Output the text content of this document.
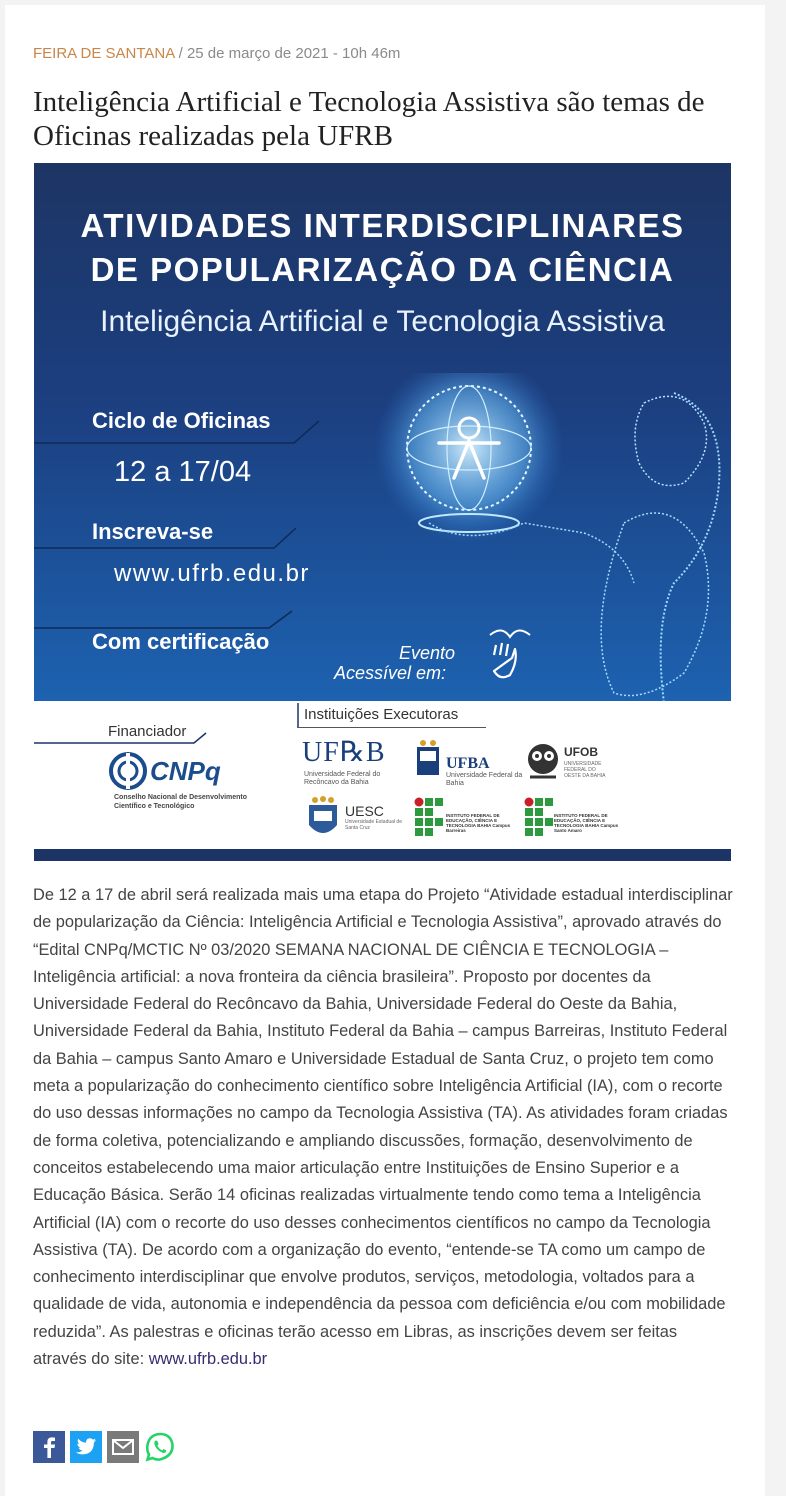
FEIRA DE SANTANA / 25 de março de 2021 - 10h 46m
Inteligência Artificial e Tecnologia Assistiva são temas de Oficinas realizadas pela UFRB
ATIVIDADES INTERDISCIPLINARES
DE POPULARIZAÇÃO DA CIÊNCIA
Inteligência Artificial e Tecnologia Assistiva
Ciclo de Oficinas
12 a 17/04
Inscreva-se
www.ufrb.edu.br
Com certificação	Evento
Acessível em:
Financiador
CNPq
Conselho Nacional de Desenvolvimento Científico e Tecnológico
Instituições Executoras
UF℞B
Universidade Federal do Recôncavo da Bahia
UFBA
Universidade Federal da Bahia
UFOB
UNIVERSIDADE FEDERAL DO OESTE DA BAHIA
UESC
Universidade Estadual de Santa Cruz
INSTITUTO FEDERAL DE EDUCAÇÃO, CIÊNCIA E TECNOLOGIA BAHIA Campus Barreiras
INSTITUTO FEDERAL DE EDUCAÇÃO, CIÊNCIA E TECNOLOGIA BAHIA Campus Santo Amaro
De 12 a 17 de abril será realizada mais uma etapa do Projeto “Atividade estadual interdisciplinar de popularização da Ciência: Inteligência Artificial e Tecnologia Assistiva”, aprovado através do “Edital CNPq/MCTIC Nº 03/2020 SEMANA NACIONAL DE CIÊNCIA E TECNOLOGIA – Inteligência artificial: a nova fronteira da ciência brasileira”. Proposto por docentes da Universidade Federal do Recôncavo da Bahia, Universidade Federal do Oeste da Bahia, Universidade Federal da Bahia, Instituto Federal da Bahia – campus Barreiras, Instituto Federal da Bahia – campus Santo Amaro e Universidade Estadual de Santa Cruz, o projeto tem como meta a popularização do conhecimento científico sobre Inteligência Artificial (IA), com o recorte do uso dessas informações no campo da Tecnologia Assistiva (TA). As atividades foram criadas de forma coletiva, potencializando e ampliando discussões, formação, desenvolvimento de conceitos estabelecendo uma maior articulação entre Instituições de Ensino Superior e a Educação Básica. Serão 14 oficinas realizadas virtualmente tendo como tema a Inteligência Artificial (IA) com o recorte do uso desses conhecimentos científicos no campo da Tecnologia Assistiva (TA). De acordo com a organização do evento, “entende-se TA como um campo de conhecimento interdisciplinar que envolve produtos, serviços, metodologia, voltados para a qualidade de vida, autonomia e independência da pessoa com deficiência e/ou com mobilidade reduzida”. As palestras e oficinas terão acesso em Libras, as inscrições devem ser feitas através do site: www.ufrb.edu.br
